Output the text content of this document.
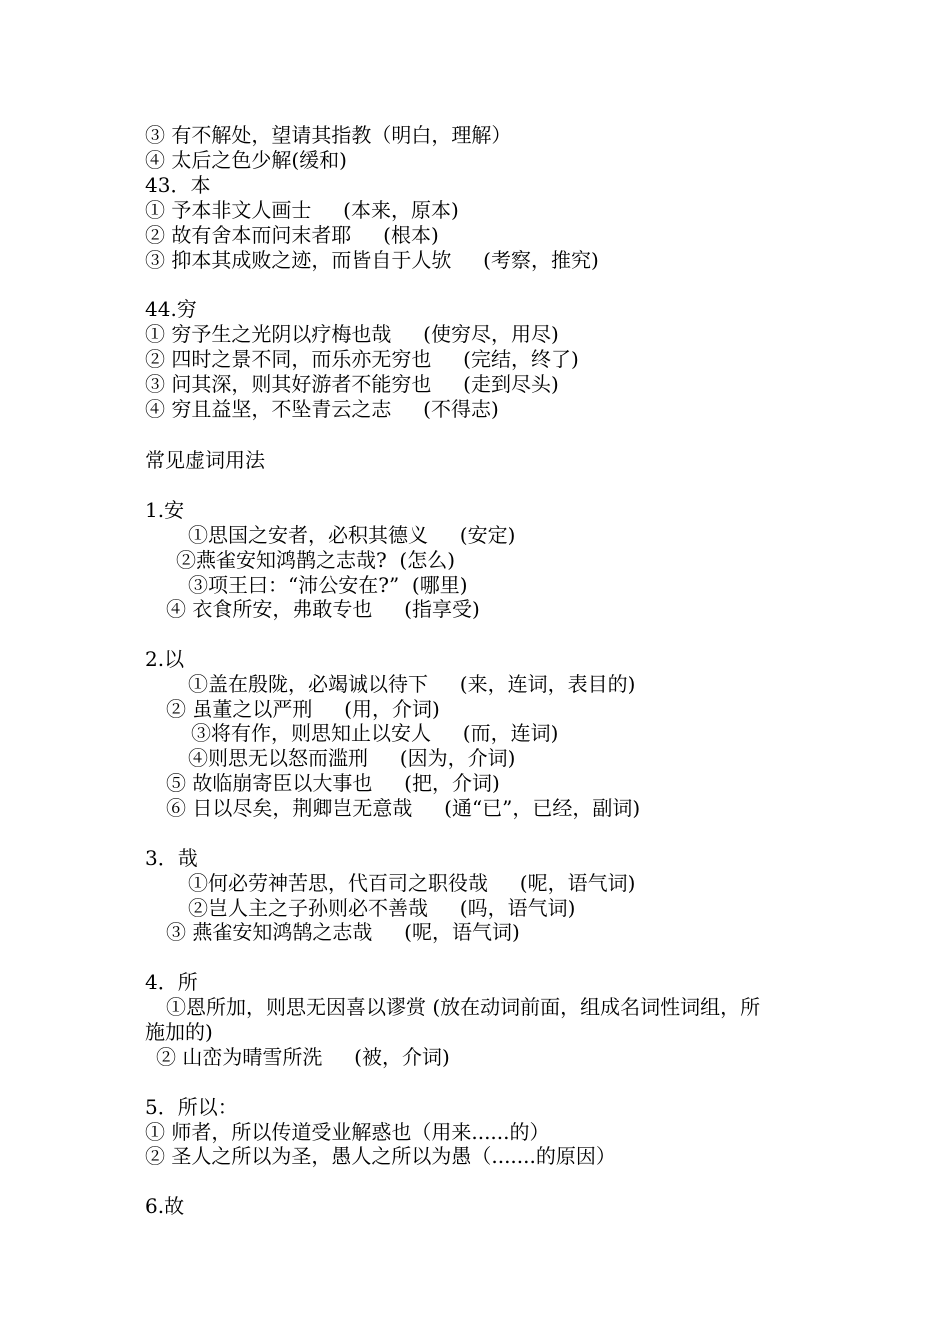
③ 有不解处，望请其指教（明白，理解）

④ 太后之色少解(缓和)

43．本

① 予本非文人画士     (本来，原本)

② 故有舍本而问末者耶     (根本)

③ 抑本其成败之迹，而皆自于人欤     (考察，推究)

44.穷

① 穷予生之光阴以疗梅也哉     (使穷尽，用尽)

② 四时之景不同，而乐亦无穷也     (完结，终了)

③ 问其深，则其好游者不能穷也     (走到尽头)

④ 穷且益坚，不坠青云之志     (不得志)

常见虚词用法

1.安

①思国之安者，必积其德义     (安定)

②燕雀安知鸿鹊之志哉?  (怎么)

③项王曰：“沛公安在?”  (哪里)

④ 衣食所安，弗敢专也     (指享受)

2.以

①盖在殷陇，必竭诚以待下     (来，连词，表目的)

② 虽董之以严刑     (用，介词)

③将有作，则思知止以安人     (而，连词)

④则思无以怒而滥刑     (因为，介词)

⑤ 故临崩寄臣以大事也     (把，介词)

⑥ 日以尽矣，荆卿岂无意哉     (通“已”，已经，副词)

3．哉

①何必劳神苦思，代百司之职役哉     (呢，语气词)

②岂人主之子孙则必不善哉     (吗，语气词)

③ 燕雀安知鸿鹄之志哉     (呢，语气词)

4．所

①恩所加，则思无因喜以谬赏 (放在动词前面，组成名词性词组，所

施加的)

② 山峦为晴雪所洗     (被，介词)

5．所以：

① 师者，所以传道受业解惑也（用来......的）

② 圣人之所以为圣，愚人之所以为愚（.......的原因）

6.故
